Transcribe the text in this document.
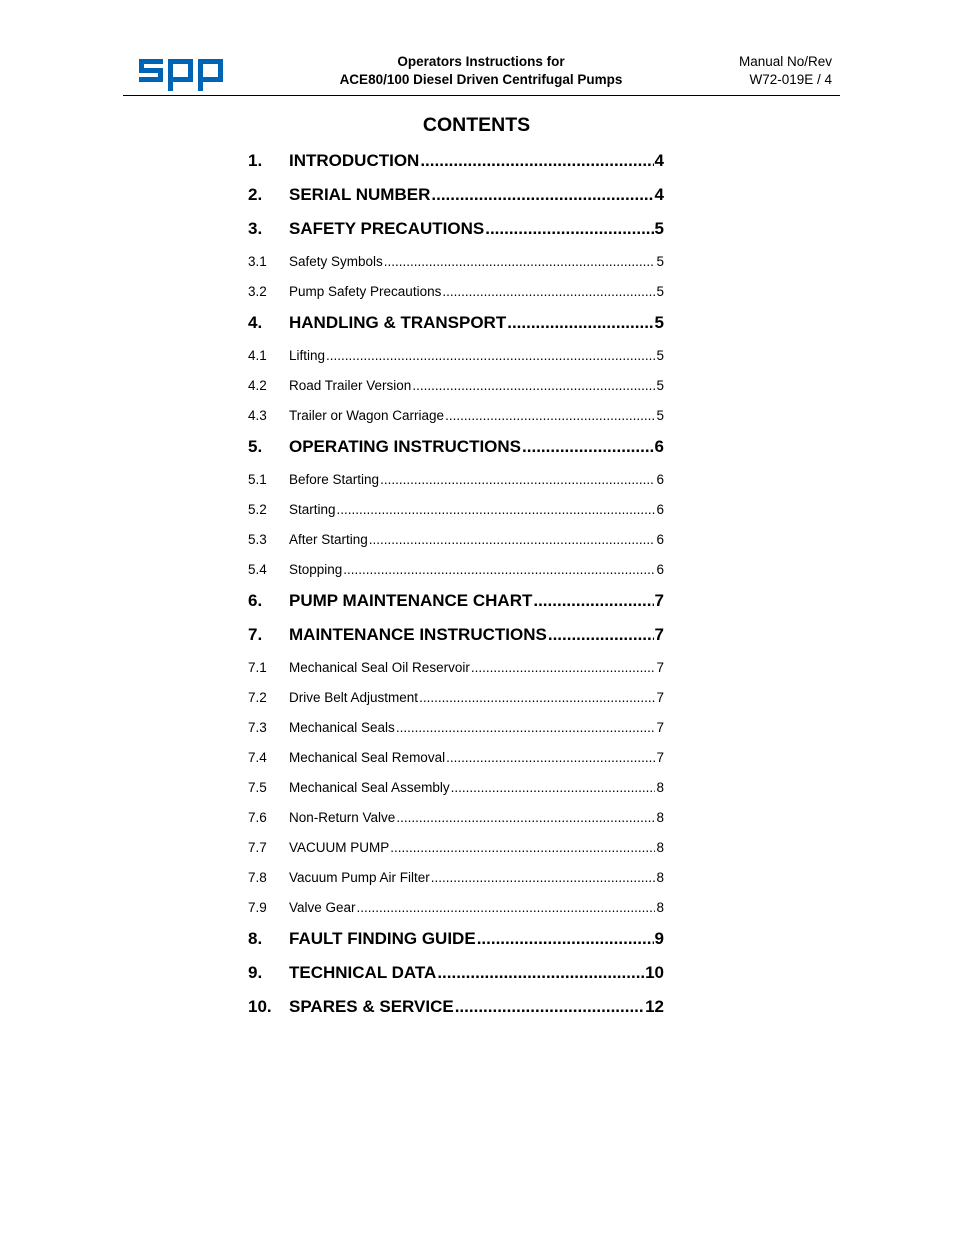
Operators Instructions for
ACE80/100 Diesel Driven Centrifugal Pumps
Manual No/Rev
W72-019E / 4
CONTENTS
1.	INTRODUCTION .....	4
2.	SERIAL NUMBER .....	4
3.	SAFETY PRECAUTIONS .....	5
3.1	Safety Symbols .....	5
3.2	Pump Safety Precautions .....	5
4.	HANDLING & TRANSPORT .....	5
4.1	Lifting .....	5
4.2	Road Trailer Version .....	5
4.3	Trailer or Wagon Carriage .....	5
5.	OPERATING INSTRUCTIONS .....	6
5.1	Before Starting .....	6
5.2	Starting .....	6
5.3	After Starting .....	6
5.4	Stopping .....	6
6.	PUMP MAINTENANCE CHART .....	7
7.	MAINTENANCE INSTRUCTIONS .....	7
7.1	Mechanical Seal Oil Reservoir .....	7
7.2	Drive Belt Adjustment .....	7
7.3	Mechanical Seals .....	7
7.4	Mechanical Seal Removal .....	7
7.5	Mechanical Seal Assembly .....	8
7.6	Non-Return Valve .....	8
7.7	VACUUM PUMP .....	8
7.8	Vacuum Pump Air Filter .....	8
7.9	Valve Gear .....	8
8.	FAULT FINDING GUIDE .....	9
9.	TECHNICAL DATA .....	10
10.	SPARES & SERVICE .....	12
